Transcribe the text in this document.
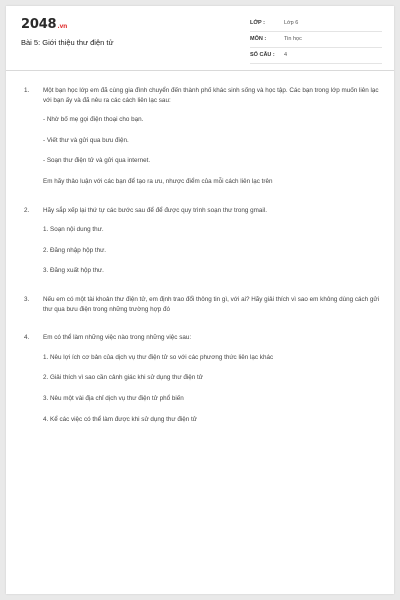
2048.vn
Bài 5: Giới thiệu thư điện tử
LỚP :	Lớp 6
MÔN :	Tin học
SỐ CÂU : 4
1. Một bạn học lớp em đã cùng gia đình chuyển đến thành phố khác sinh sống và học tập. Các bạn trong lớp muốn liên lạc với bạn ấy và đã nêu ra các cách liên lạc sau:

- Nhờ bố mẹ gọi điện thoại cho bạn.

- Viết thư và gửi qua bưu điện.

- Soạn thư điện tử và gửi qua internet.

Em hãy thảo luận với các bạn để tạo ra ưu, nhược điểm của mỗi cách liên lạc trên

2. Hãy sắp xếp lại thứ tự các bước sau để để được quy trình soạn thư trong gmail.

1. Soạn nội dung thư.

2. Đăng nhập hộp thư.

3. Đăng xuất hộp thư.

3. Nếu em có một tài khoản thư điện tử, em định trao đổi thông tin gì, với ai? Hãy giải thích vì sao em không dùng cách gửi thư qua bưu điện trong những trường hợp đó

4. Em có thể làm những việc nào trong những việc sau:

1. Nêu lợi ích cơ bản của dịch vụ thư điện tử so với các phương thức liên lạc khác

2. Giải thích vì sao cần cảnh giác khi sử dụng thư điện tử

3. Nêu một vài địa chỉ dịch vụ thư điện tử phổ biến

4. Kể các việc có thể làm được khi sử dụng thư điện tử
